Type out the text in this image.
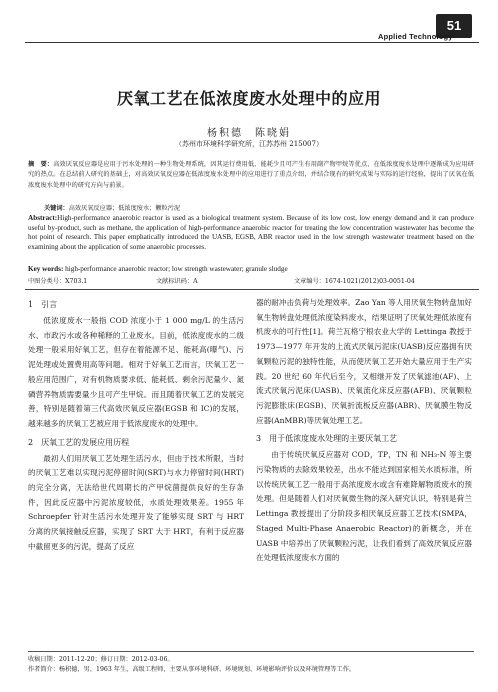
51
Applied Technology
厌氧工艺在低浓度废水处理中的应用
杨积德　陈晓娟
（苏州市环境科学研究所，江苏苏州 215007）
摘　要：高效厌氧反应器是应用于污水处理的一种生物处理系统，因其运行费用低、能耗少且可产生有用副产物甲烷等优点，在低浓度废水处理中逐渐成为应用研究的热点。在总结前人研究的基础上，对高效厌氧反应器在低浓度废水处理中的应用进行了重点介绍，并结合现有的研究成果与实际的运行经验，提出了厌氧在低浓度废水处理中的研究方向与前景。
关键词：高效厌氧反应器；低浓度废水；颗粒污泥
Abstract:High-performance anaerobic reactor is used as a biological treatment system. Because of its low cost, low energy demand and it can produce useful by-product, such as methane, the application of high-performance anaerobic reactor for treating the low concentration wastewater has become the hot point of research. This paper emphatically introduced the UASB, EGSB, ABR reactor used in the low strength wastewater treatment based on the examining about the application of some anaerobic processes.
Key words: high-performance anaerobic reactor; low strength wastewater; granule sludge
中图分类号：X703.1	文献标识码：A	文章编号：1674-1021(2012)03-0051-04
1　引言

低浓度废水一般指 COD 浓度小于 1 000 mg/L 的生活污水、市政污水或各种稀释的工业废水。目前，低浓度废水的二级处理一般采用好氧工艺，但存在着能源不足、能耗高(曝气)、污泥处理或处置费用高等问题。相对于好氧工艺而言，厌氧工艺一般应用范围广，对有机物质要求低、能耗低、剩余污泥量少、氮磷营养物质需要量少且可产生甲烷。而且随着厌氧工艺的发展完善，特别是随着第三代高效厌氧反应器(EGSB 和 IC)的发展，越来越多的厌氧工艺被应用于低浓度废水的处理中。

2　厌氧工艺的发展应用历程

最初人们用厌氧工艺处理生活污水，但由于技术所限，当时的厌氧工艺难以实现污泥停留时间(SRT)与水力停留时间(HRT)的完全分离，无法给世代周期长的产甲烷菌提供良好的生存条件，因此反应器中污泥浓度较低，水质处理效果差。1955 年 Schroepfer 针对生活污水处理开发了能够实现 SRT 与 HRT 分离的厌氧接触反应器，实现了 SRT 大于 HRT，有利于反应器中截留更多的污泥，提高了反应

器的耐冲击负荷与处理效率。Zao Yan 等人用厌氧生物转盘加好氧生物转盘处理低浓度染料废水，结果证明了厌氧处理低浓度有机废水的可行性[1]。荷兰瓦格宁根农业大学的 Lettinga 教授于 1973—1977 年开发的上流式厌氧污泥床(UASB)反应器拥有厌氧颗粒污泥的独特性能，从而使厌氧工艺开始大量应用于生产实践。20 世纪 60 年代后至今，又相继开发了厌氧滤池(AF)、上流式厌氧污泥床(UASB)、厌氧流化床反应器(AFB)、厌氧颗粒污泥膨胀床(EGSB)、厌氧折流板反应器(ABR)、厌氧膜生物反应器(AnMBR)等厌氧处理工艺。

3　用于低浓度废水处理的主要厌氧工艺

由于传统厌氧反应器对 COD，TP，TN 和 NH₃-N 等主要污染物质的去除效果较差，出水不能达到国家相关水质标准，所以传统厌氧工艺一般用于高浓度废水或含有难降解物质废水的预处理。但是随着人们对厌氧微生物的深入研究认识，特别是荷兰 Lettinga 教授提出了分阶段多相厌氧反应器工艺技术(SMPA，Staged Multi-Phase Anaerobic Reactor)的新概念，并在 UASB 中培养出了厌氧颗粒污泥，让我们看到了高效厌氧反应器在处理低浓度废水方面的

收稿日期：2011-12-20；修订日期：2012-03-06。
作者简介：杨积德，男，1963 年生，高级工程师，主要从事环境科研、环境规划、环境影响评价以及环境管理等工作。
